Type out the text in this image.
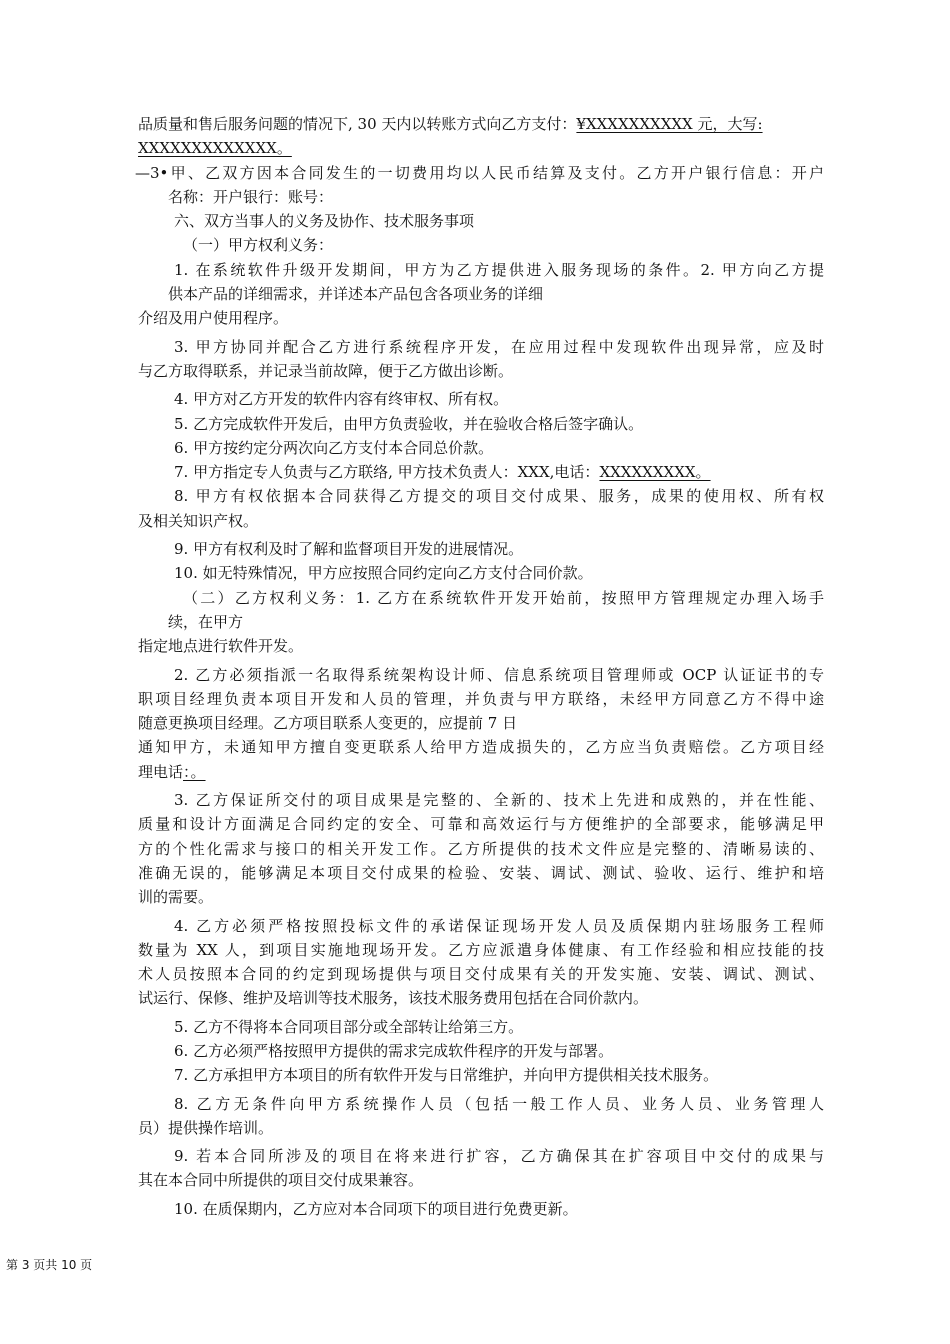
品质量和售后服务问题的情况下, 30 天内以转账方式向乙方支付：¥XXXXXXXXXX 元，大写:
XXXXXXXXXXXXX。
—3•甲、乙双方因本合同发生的一切费用均以人民币结算及支付。乙方开户银行信息：开户
名称：开户银行：账号：
六、双方当事人的义务及协作、技术服务事项
（一）甲方权利义务：
1. 在系统软件升级开发期间，甲方为乙方提供进入服务现场的条件。2. 甲方向乙方提
供本产品的详细需求，并详述本产品包含各项业务的详细
介绍及用户使用程序。
3. 甲方协同并配合乙方进行系统程序开发，在应用过程中发现软件出现异常，应及时
与乙方取得联系，并记录当前故障，便于乙方做出诊断。
4. 甲方对乙方开发的软件内容有终审权、所有权。
5. 乙方完成软件开发后，由甲方负责验收，并在验收合格后签字确认。
6. 甲方按约定分两次向乙方支付本合同总价款。
7. 甲方指定专人负责与乙方联络, 甲方技术负责人：XXX,电话：XXXXXXXXX。
8. 甲方有权依据本合同获得乙方提交的项目交付成果、服务，成果的使用权、所有权
及相关知识产权。
9. 甲方有权利及时了解和监督项目开发的进展情况。
10. 如无特殊情况，甲方应按照合同约定向乙方支付合同价款。
（二）乙方权利义务：1. 乙方在系统软件开发开始前，按照甲方管理规定办理入场手
续，在甲方
指定地点进行软件开发。
2. 乙方必须指派一名取得系统架构设计师、信息系统项目管理师或 OCP 认证证书的专
职项目经理负责本项目开发和人员的管理，并负责与甲方联络，未经甲方同意乙方不得中途
随意更换项目经理。乙方项目联系人变更的，应提前 7 日
通知甲方，未通知甲方擅自变更联系人给甲方造成损失的，乙方应当负责赔偿。乙方项目经
理电话：。
3. 乙方保证所交付的项目成果是完整的、全新的、技术上先进和成熟的，并在性能、
质量和设计方面满足合同约定的安全、可靠和高效运行与方便维护的全部要求，能够满足甲
方的个性化需求与接口的相关开发工作。乙方所提供的技术文件应是完整的、清晰易读的、
准确无误的，能够满足本项目交付成果的检验、安装、调试、测试、验收、运行、维护和培
训的需要。
4. 乙方必须严格按照投标文件的承诺保证现场开发人员及质保期内驻场服务工程师
数量为 XX 人，到项目实施地现场开发。乙方应派遣身体健康、有工作经验和相应技能的技
术人员按照本合同的约定到现场提供与项目交付成果有关的开发实施、安装、调试、测试、
试运行、保修、维护及培训等技术服务，该技术服务费用包括在合同价款内。
5. 乙方不得将本合同项目部分或全部转让给第三方。
6. 乙方必须严格按照甲方提供的需求完成软件程序的开发与部署。
7. 乙方承担甲方本项目的所有软件开发与日常维护，并向甲方提供相关技术服务。
8. 乙方无条件向甲方系统操作人员（包括一般工作人员、业务人员、业务管理人
员）提供操作培训。
9. 若本合同所涉及的项目在将来进行扩容，乙方确保其在扩容项目中交付的成果与
其在本合同中所提供的项目交付成果兼容。
10. 在质保期内，乙方应对本合同项下的项目进行免费更新。
第 3 页共 10 页
